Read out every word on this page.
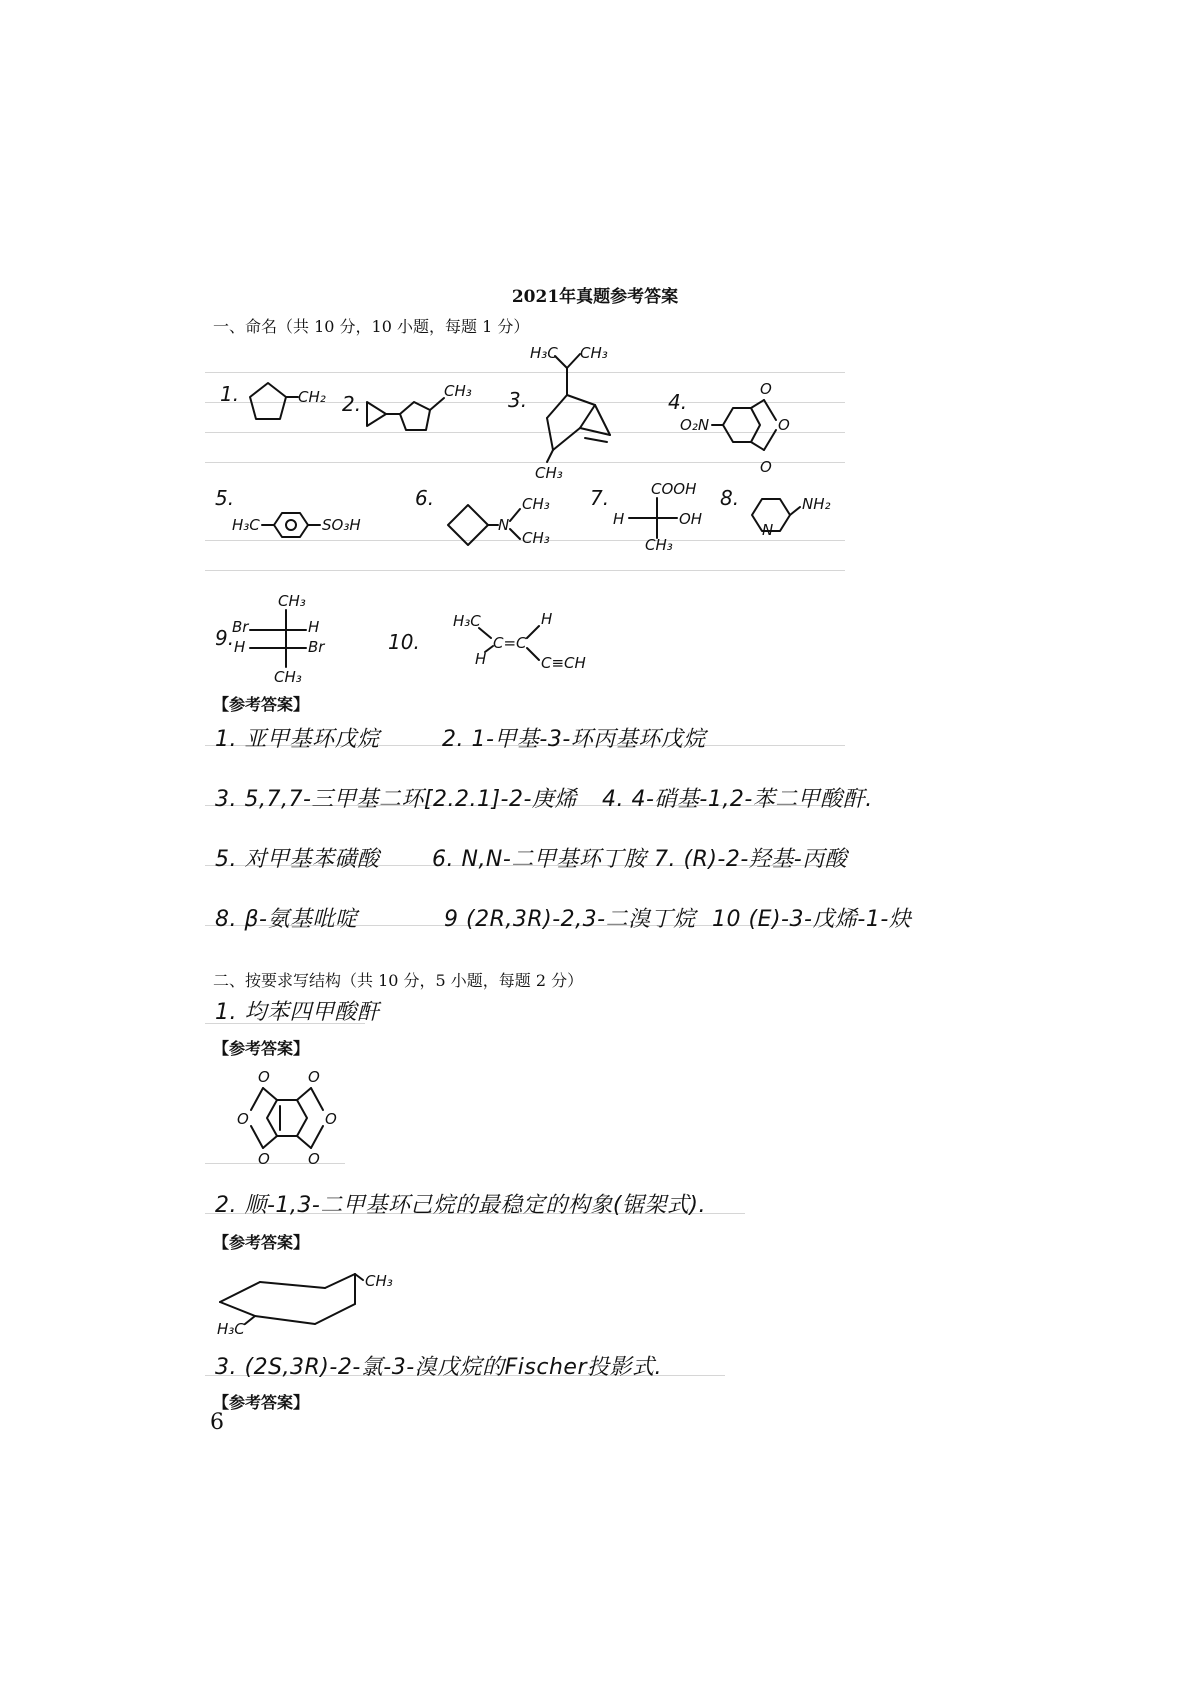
2021年真题参考答案
一、命名（共 10 分，10 小题，每题 1 分）
1.	CH₂ 2.
CH₃ 3.
H₃C CH₃
CH₃
4.
O₂N
O
O
O
5.
H₃C	SO₃H
6.
N
CH₃
CH₃
7.	COOH
H	OH
CH₃
8.
N
NH₂
9.
CH₃
Br
H
H
Br
CH₃
10.
H₃C
H
C=C
H
C≡CH
【参考答案】
1. 亚甲基环戊烷	2. 1-甲基-3-环丙基环戊烷
3. 5,7,7-三甲基二环[2.2.1]-2-庚烯 4. 4-硝基-1,2-苯二甲酸酐.
5. 对甲基苯磺酸 6. N,N-二甲基环丁胺 7. (R)-2-羟基-丙酸
8. β-氨基吡啶	9 (2R,3R)-2,3-二溴丁烷 10 (E)-3-戊烯-1-炔
二、按要求写结构（共 10 分，5 小题，每题 2 分）
1. 均苯四甲酸酐
【参考答案】
O	O
O	O
O	O
2. 顺-1,3-二甲基环己烷的最稳定的构象(锯架式).
【参考答案】
CH₃
H₃C
3. (2S,3R)-2-氯-3-溴戊烷的Fischer投影式.
【参考答案】
6
